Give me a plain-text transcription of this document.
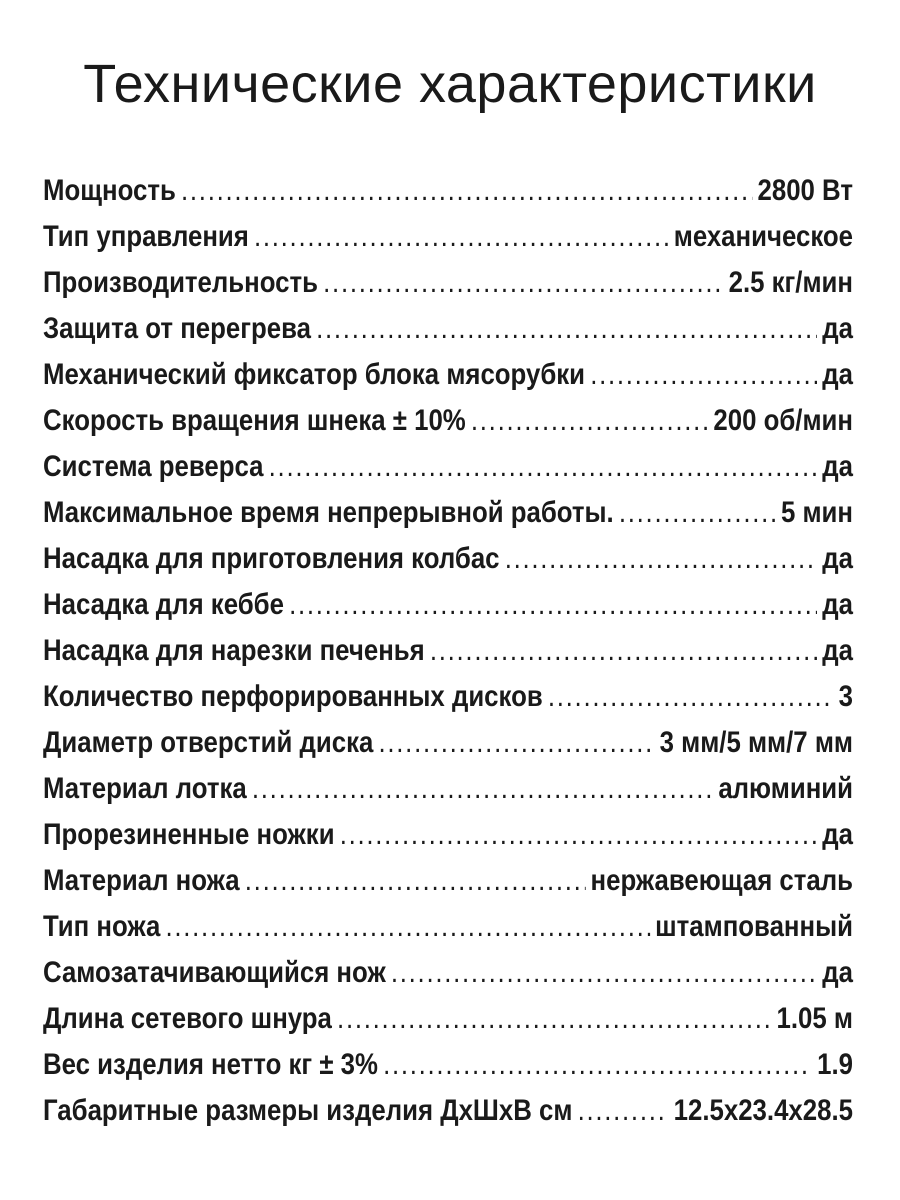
Технические характеристики
Мощность .....	2800 Вт
Тип управления .....	механическое
Производительность .....	2.5 кг/мин
Защита от перегрева .....	да
Механический фиксатор блока мясорубки .....	да
Скорость вращения шнека ± 10% .....	200 об/мин
Система реверса .....	да
Максимальное время непрерывной работы. .....	5 мин
Насадка для приготовления колбас .....	да
Насадка для кеббе .....	да
Насадка для нарезки печенья .....	да
Количество перфорированных дисков .....	3
Диаметр отверстий диска .....	3 мм/5 мм/7 мм
Материал лотка .....	алюминий
Прорезиненные ножки .....	да
Материал ножа .....	нержавеющая сталь
Тип ножа .....	штампованный
Самозатачивающийся нож .....	да
Длина сетевого шнура .....	1.05 м
Вес изделия нетто кг ± 3% .....	1.9
Габаритные размеры изделия ДхШхВ см .....	12.5x23.4x28.5
